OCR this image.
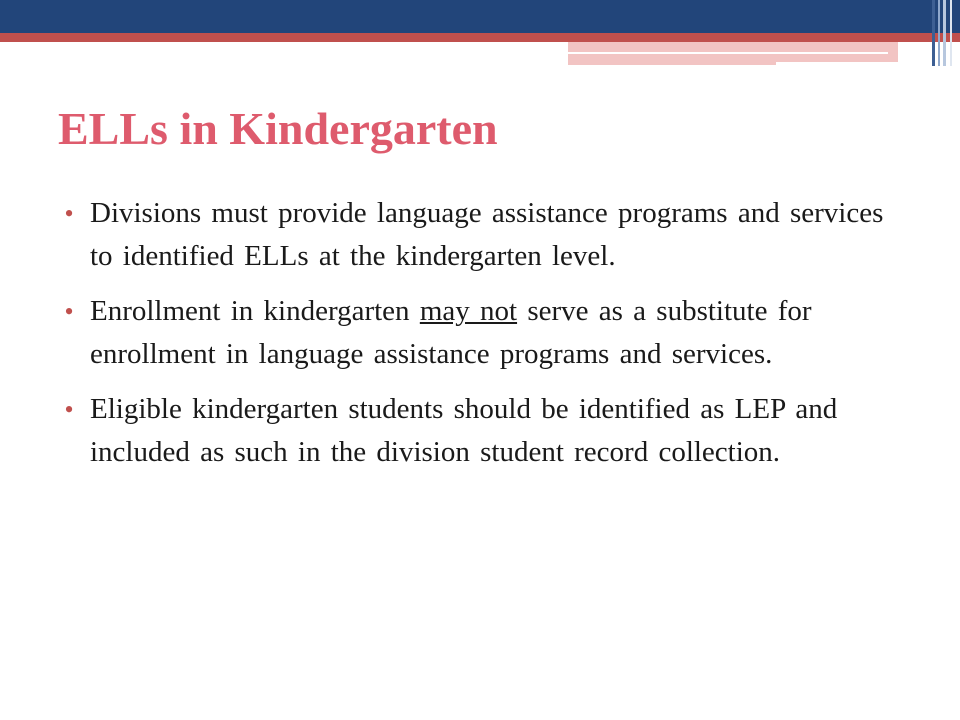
ELLs in Kindergarten
• Divisions must provide language assistance programs and services to identified ELLs at the kindergarten level.
• Enrollment in kindergarten may not serve as a substitute for enrollment in language assistance programs and services.
• Eligible kindergarten students should be identified as LEP and included as such in the division student record collection.
